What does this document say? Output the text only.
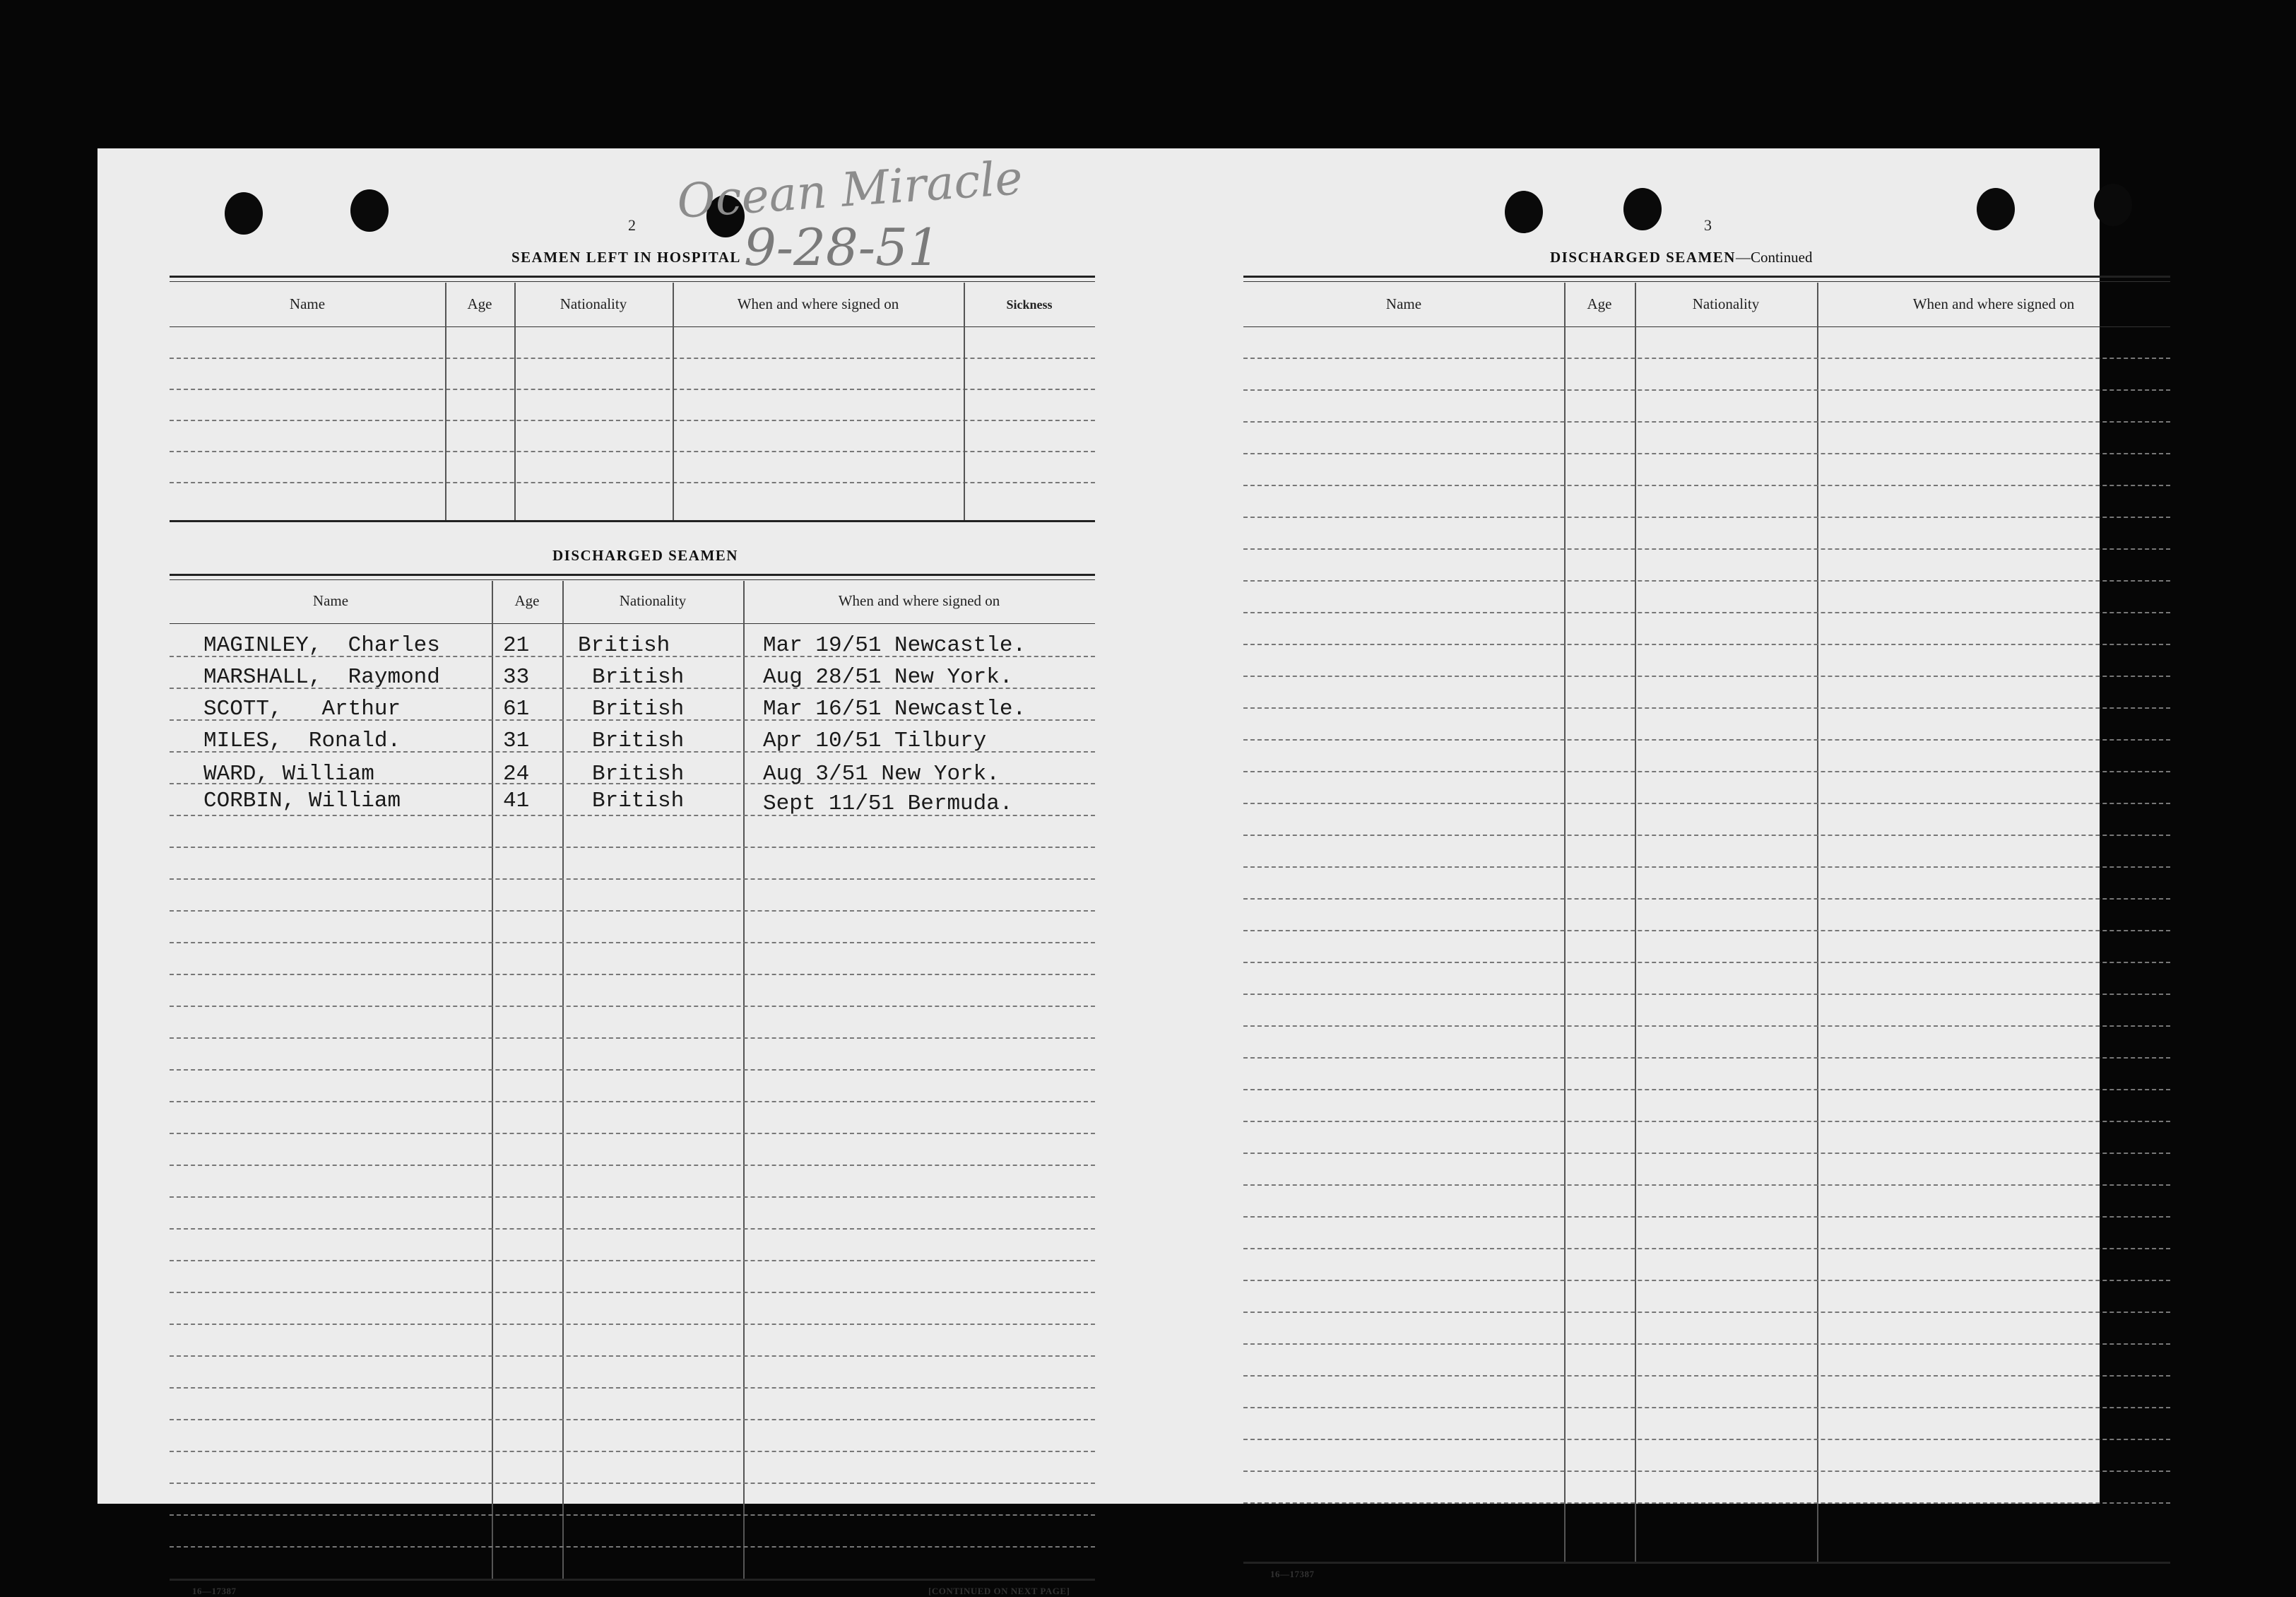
Ocean Miracle
9-28-51
2
SEAMEN LEFT IN HOSPITAL
Name	Age	Nationality	When and where signed on	Sickness
DISCHARGED SEAMEN
Name	Age	Nationality	When and where signed on
MAGINLEY, Charles	21 British	Mar 19/51 Newcastle.
MARSHALL, Raymond	33	British	Aug 28/51 New York.
SCOTT, Arthur	61	British	Mar 16/51 Newcastle.
MILES, Ronald.	31	British	Apr 10/51 Tilbury
WARD, William	24	British	Aug 3/51 New York.
CORBIN, William	41	British	Sept 11/51 Bermuda.
16—17387	[CONTINUED ON NEXT PAGE]
3
DISCHARGED SEAMEN—Continued
Name	Age	Nationality	When and where signed on
16—17387
